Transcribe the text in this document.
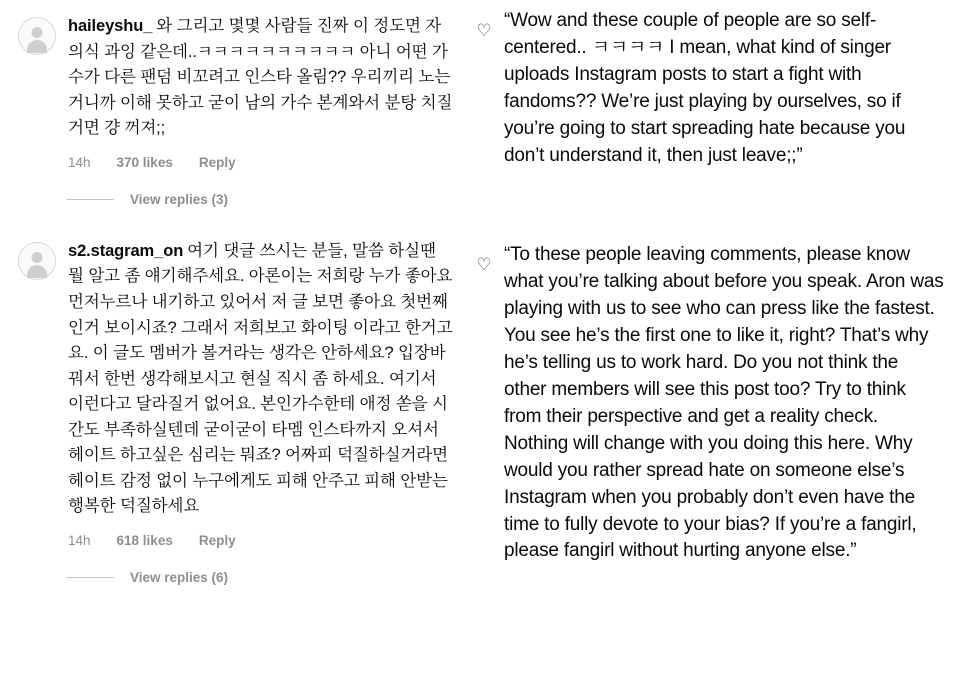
haileyshu_ 와 그리고 몇몇 사람들 진짜 이 정도면 자의식 과잉 같은데..ㅋㅋㅋㅋㅋㅋㅋㅋㅋㅋ 아니 어떤 가수가 다른 팬덤 비꼬려고 인스타 올림?? 우리끼리 노는거니까 이해 못하고 굳이 남의 가수 본계와서 분탕 치질거면 걍 꺼져;;
14h 370 likes Reply
View replies (3)
s2.stagram_on 여기 댓글 쓰시는 분들, 말씀 하실땐 뭘 알고 좀 얘기해주세요. 아론이는 저희랑 누가 좋아요 먼저누르나 내기하고 있어서 저 글 보면 좋아요 첫번째인거 보이시죠? 그래서 저희보고 화이팅 이라고 한거고요. 이 글도 멤버가 볼거라는 생각은 안하세요? 입장바꿔서 한번 생각해보시고 현실 직시 좀 하세요. 여기서 이런다고 달라질거 없어요. 본인가수한테 애정 쏟을 시간도 부족하실텐데 굳이굳이 타멤 인스타까지 오셔서 헤이트 하고싶은 심리는 뭐죠? 어짜피 덕질하실거라면 헤이트 감정 없이 누구에게도 피해 안주고 피해 안받는 행복한 덕질하세요
14h 618 likes Reply
View replies (6)
♡ “Wow and these couple of people are so self-centered.. ㅋㅋㅋㅋ I mean, what kind of singer uploads Instagram posts to start a fight with fandoms?? We’re just playing by ourselves, so if you’re going to start spreading hate because you don’t understand it, then just leave;;”
♡ “To these people leaving comments, please know what you’re talking about before you speak. Aron was playing with us to see who can press like the fastest. You see he’s the first one to like it, right? That’s why he’s telling us to work hard. Do you not think the other members will see this post too? Try to think from their perspective and get a reality check. Nothing will change with you doing this here. Why would you rather spread hate on someone else’s Instagram when you probably don’t even have the time to fully devote to your bias? If you’re a fangirl, please fangirl without hurting anyone else.”
